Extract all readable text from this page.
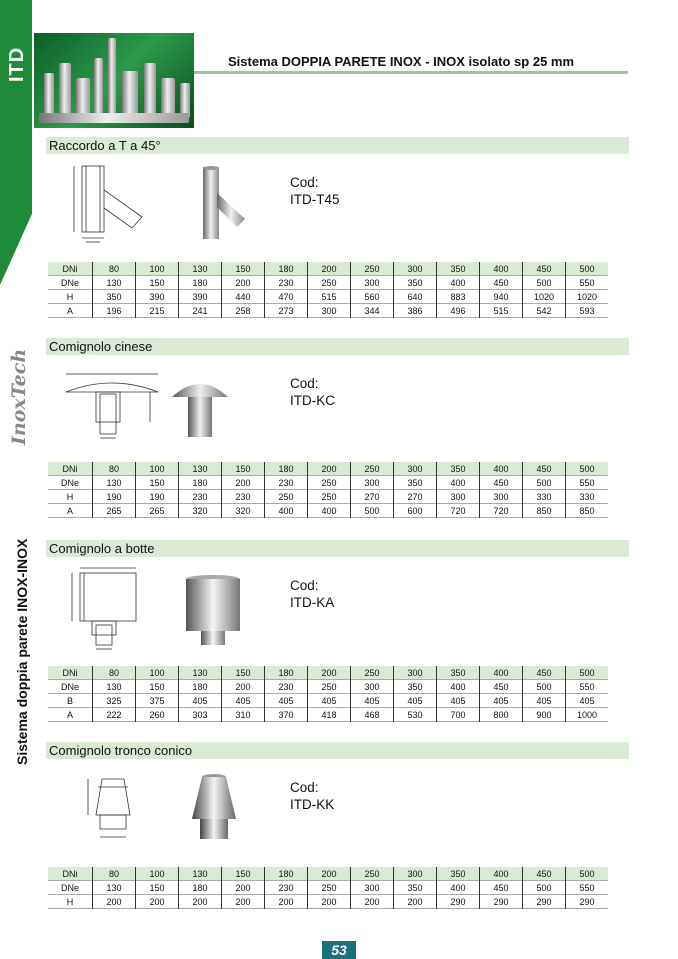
ITD
InoxTech
Sistema doppia parete INOX-INOX
Sistema DOPPIA PARETE INOX - INOX isolato sp 25 mm
Raccordo a T a 45°
Cod:
ITD-T45
DNi	80	100	130	150	180	200	250	300	350	400	450	500
DNe	130	150	180	200	230	250	300	350	400	450	500	550
H	350	390	390	440	470	515	560	640	883	940	1020	1020
A	196	215	241	258	273	300	344	386	496	515	542	593
Comignolo cinese
Cod:
ITD-KC
DNi	80	100	130	150	180	200	250	300	350	400	450	500
DNe	130	150	180	200	230	250	300	350	400	450	500	550
H	190	190	230	230	250	250	270	270	300	300	330	330
A	265	265	320	320	400	400	500	600	720	720	850	850
Comignolo a botte
Cod:
ITD-KA
DNi	80	100	130	150	180	200	250	300	350	400	450	500
DNe	130	150	180	200	230	250	300	350	400	450	500	550
B	325	375	405	405	405	405	405	405	405	405	405	405
A	222	260	303	310	370	418	468	530	700	800	900	1000
Comignolo tronco conico
Cod:
ITD-KK
DNi	80	100	130	150	180	200	250	300	350	400	450	500
DNe	130	150	180	200	230	250	300	350	400	450	500	550
H	200	200	200	200	200	200	200	200	290	290	290	290
53
